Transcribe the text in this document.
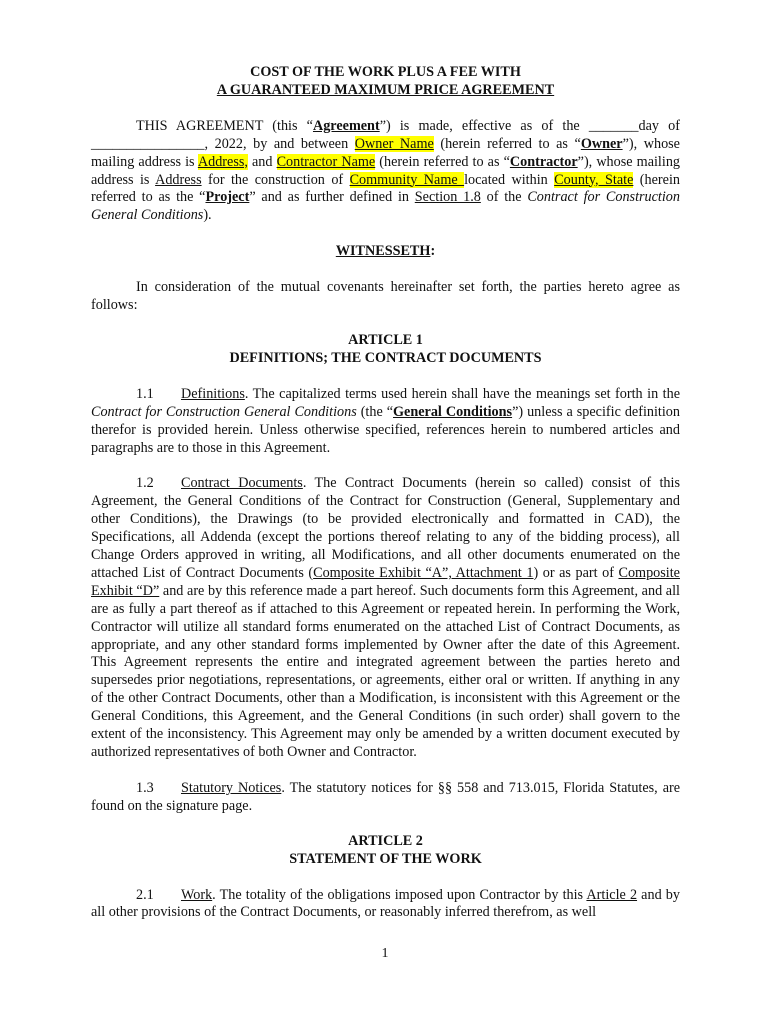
COST OF THE WORK PLUS A FEE WITH

A GUARANTEED MAXIMUM PRICE AGREEMENT

THIS AGREEMENT (this “Agreement”) is made, effective as of the _______day of ________________, 2022, by and between Owner Name (herein referred to as “Owner”), whose mailing address is Address, and Contractor Name (herein referred to as “Contractor”), whose mailing address is Address for the construction of Community Name located within County, State (herein referred to as the “Project” and as further defined in Section 1.8 of the Contract for Construction General Conditions).

WITNESSETH:

In consideration of the mutual covenants hereinafter set forth, the parties hereto agree as follows:

ARTICLE 1

DEFINITIONS; THE CONTRACT DOCUMENTS

1.1 Definitions. The capitalized terms used herein shall have the meanings set forth in the Contract for Construction General Conditions (the “General Conditions”) unless a specific definition therefor is provided herein. Unless otherwise specified, references herein to numbered articles and paragraphs are to those in this Agreement.

1.2 Contract Documents. The Contract Documents (herein so called) consist of this Agreement, the General Conditions of the Contract for Construction (General, Supplementary and other Conditions), the Drawings (to be provided electronically and formatted in CAD), the Specifications, all Addenda (except the portions thereof relating to any of the bidding process), all Change Orders approved in writing, all Modifications, and all other documents enumerated on the attached List of Contract Documents (Composite Exhibit “A”, Attachment 1) or as part of Composite Exhibit “D” and are by this reference made a part hereof. Such documents form this Agreement, and all are as fully a part thereof as if attached to this Agreement or repeated herein. In performing the Work, Contractor will utilize all standard forms enumerated on the attached List of Contract Documents, as appropriate, and any other standard forms implemented by Owner after the date of this Agreement. This Agreement represents the entire and integrated agreement between the parties hereto and supersedes prior negotiations, representations, or agreements, either oral or written. If anything in any of the other Contract Documents, other than a Modification, is inconsistent with this Agreement or the General Conditions, this Agreement, and the General Conditions (in such order) shall govern to the extent of the inconsistency. This Agreement may only be amended by a written document executed by authorized representatives of both Owner and Contractor.

1.3 Statutory Notices. The statutory notices for §§ 558 and 713.015, Florida Statutes, are found on the signature page.

ARTICLE 2

STATEMENT OF THE WORK

2.1 Work. The totality of the obligations imposed upon Contractor by this Article 2 and by all other provisions of the Contract Documents, or reasonably inferred therefrom, as well

1
